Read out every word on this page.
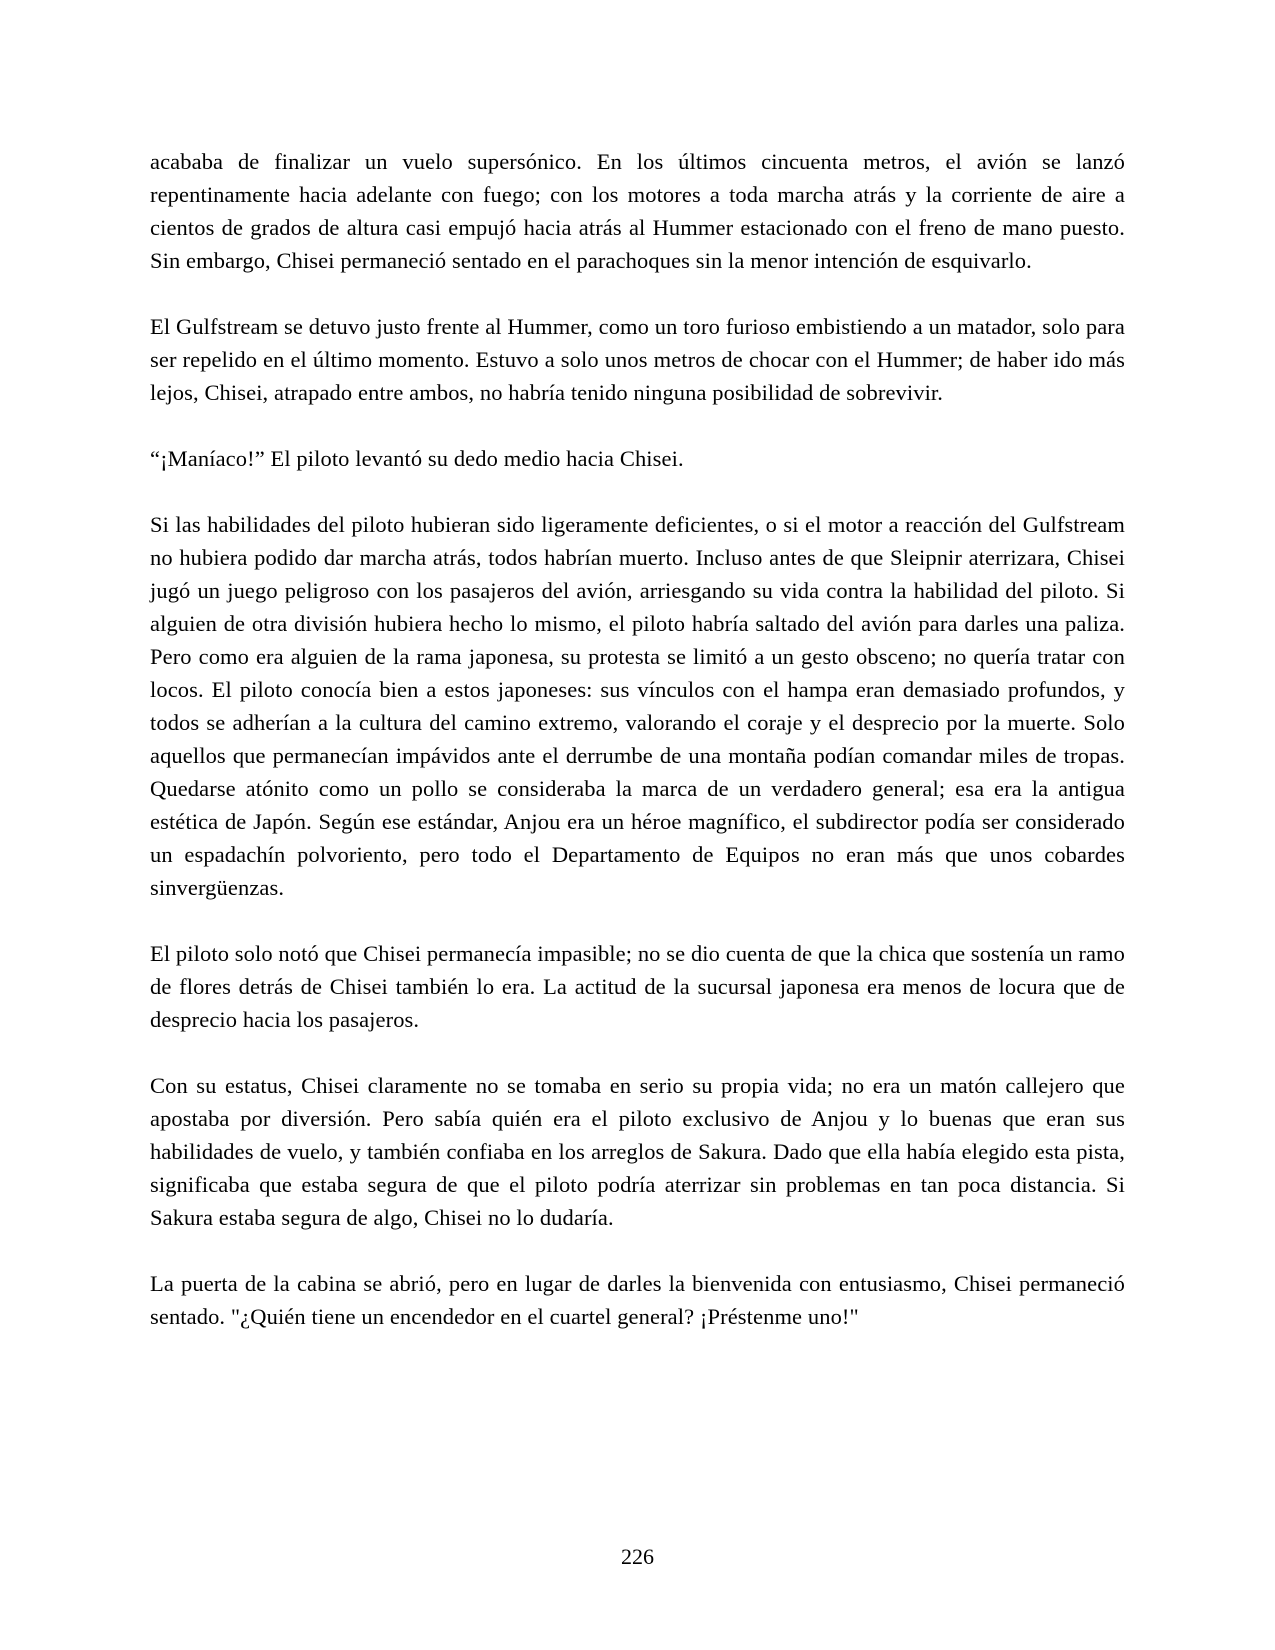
acababa de finalizar un vuelo supersónico. En los últimos cincuenta metros, el avión se lanzó repentinamente hacia adelante con fuego; con los motores a toda marcha atrás y la corriente de aire a cientos de grados de altura casi empujó hacia atrás al Hummer estacionado con el freno de mano puesto. Sin embargo, Chisei permaneció sentado en el parachoques sin la menor intención de esquivarlo.

El Gulfstream se detuvo justo frente al Hummer, como un toro furioso embistiendo a un matador, solo para ser repelido en el último momento. Estuvo a solo unos metros de chocar con el Hummer; de haber ido más lejos, Chisei, atrapado entre ambos, no habría tenido ninguna posibilidad de sobrevivir.

“¡Maníaco!” El piloto levantó su dedo medio hacia Chisei.

Si las habilidades del piloto hubieran sido ligeramente deficientes, o si el motor a reacción del Gulfstream no hubiera podido dar marcha atrás, todos habrían muerto. Incluso antes de que Sleipnir aterrizara, Chisei jugó un juego peligroso con los pasajeros del avión, arriesgando su vida contra la habilidad del piloto. Si alguien de otra división hubiera hecho lo mismo, el piloto habría saltado del avión para darles una paliza. Pero como era alguien de la rama japonesa, su protesta se limitó a un gesto obsceno; no quería tratar con locos. El piloto conocía bien a estos japoneses: sus vínculos con el hampa eran demasiado profundos, y todos se adherían a la cultura del camino extremo, valorando el coraje y el desprecio por la muerte. Solo aquellos que permanecían impávidos ante el derrumbe de una montaña podían comandar miles de tropas. Quedarse atónito como un pollo se consideraba la marca de un verdadero general; esa era la antigua estética de Japón. Según ese estándar, Anjou era un héroe magnífico, el subdirector podía ser considerado un espadachín polvoriento, pero todo el Departamento de Equipos no eran más que unos cobardes sinvergüenzas.

El piloto solo notó que Chisei permanecía impasible; no se dio cuenta de que la chica que sostenía un ramo de flores detrás de Chisei también lo era. La actitud de la sucursal japonesa era menos de locura que de desprecio hacia los pasajeros.

Con su estatus, Chisei claramente no se tomaba en serio su propia vida; no era un matón callejero que apostaba por diversión. Pero sabía quién era el piloto exclusivo de Anjou y lo buenas que eran sus habilidades de vuelo, y también confiaba en los arreglos de Sakura. Dado que ella había elegido esta pista, significaba que estaba segura de que el piloto podría aterrizar sin problemas en tan poca distancia. Si Sakura estaba segura de algo, Chisei no lo dudaría.

La puerta de la cabina se abrió, pero en lugar de darles la bienvenida con entusiasmo, Chisei permaneció sentado. "¿Quién tiene un encendedor en el cuartel general? ¡Préstenme uno!"

226
